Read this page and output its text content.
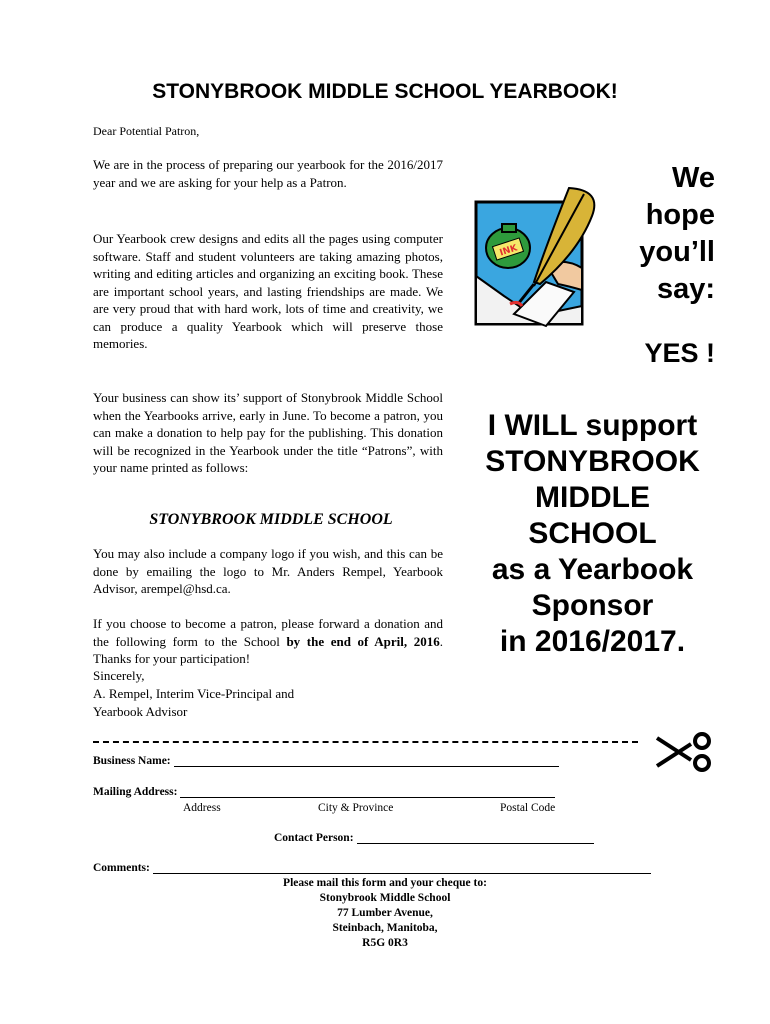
STONYBROOK MIDDLE SCHOOL YEARBOOK!
Dear Potential Patron,
We are in the process of preparing our yearbook for the 2016/2017 year and we are asking for your help as a Patron.
Our Yearbook crew designs and edits all the pages using computer software. Staff and student volunteers are taking amazing photos, writing and editing articles and organizing an exciting book. These are important school years, and lasting friendships are made. We are very proud that with hard work, lots of time and creativity, we can produce a quality Yearbook which will preserve those memories.
Your business can show its’ support of Stonybrook Middle School when the Yearbooks arrive, early in June. To become a patron, you can make a donation to help pay for the publishing. This donation will be recognized in the Yearbook under the title “Patrons”, with your name printed as follows:
STONYBROOK MIDDLE SCHOOL
You may also include a company logo if you wish, and this can be done by emailing the logo to Mr. Anders Rempel, Yearbook Advisor, arempel@hsd.ca.
If you choose to become a patron, please forward a donation and the following form to the School by the end of April, 2016. Thanks for your participation!
Sincerely,
A. Rempel, Interim Vice-Principal and
Yearbook Advisor
INK
We
hope
you’ll
say:
YES !
I WILL support
STONYBROOK
MIDDLE
SCHOOL
as a Yearbook
Sponsor
in 2016/2017.
Business Name:
Mailing Address:
Address	City & Province	Postal Code
Contact Person:
Comments:
Please mail this form and your cheque to:
Stonybrook Middle School
77 Lumber Avenue,
Steinbach, Manitoba,
R5G 0R3
